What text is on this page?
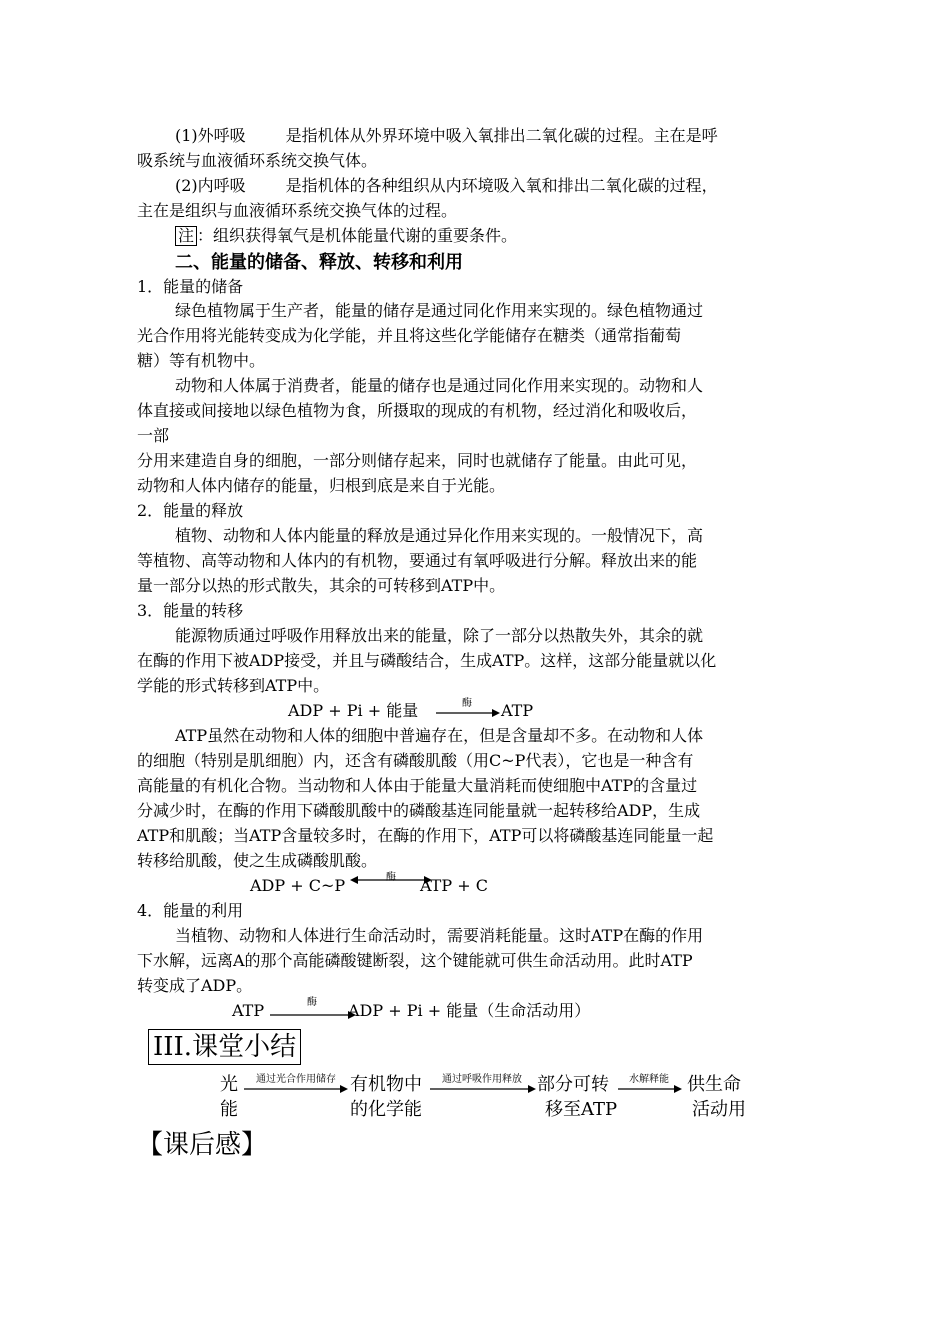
(1)外呼吸	是指机体从外界环境中吸入氧排出二氧化碳的过程。主在是呼
吸系统与血液循环系统交换气体。
(2)内呼吸	是指机体的各种组织从内环境吸入氧和排出二氧化碳的过程，
主在是组织与血液循环系统交换气体的过程。
注 ：组织获得氧气是机体能量代谢的重要条件。
二、能量的储备、释放、转移和利用
1．能量的储备
绿色植物属于生产者，能量的储存是通过同化作用来实现的。绿色植物通过
光合作用将光能转变成为化学能，并且将这些化学能储存在糖类（通常指葡萄
糖）等有机物中。
动物和人体属于消费者，能量的储存也是通过同化作用来实现的。动物和人
体直接或间接地以绿色植物为食，所摄取的现成的有机物，经过消化和吸收后，
一部
分用来建造自身的细胞，一部分则储存起来，同时也就储存了能量。由此可见，
动物和人体内储存的能量，归根到底是来自于光能。
2．能量的释放
植物、动物和人体内能量的释放是通过异化作用来实现的。一般情况下，高
等植物、高等动物和人体内的有机物，要通过有氧呼吸进行分解。释放出来的能
量一部分以热的形式散失，其余的可转移到ATP中。
3．能量的转移
能源物质通过呼吸作用释放出来的能量，除了一部分以热散失外，其余的就
在酶的作用下被ADP接受，并且与磷酸结合，生成ATP。这样，这部分能量就以化
学能的形式转移到ATP中。
ADP + Pi + 能量	酶	ATP
ATP虽然在动物和人体的细胞中普遍存在，但是含量却不多。在动物和人体
的细胞（特别是肌细胞）内，还含有磷酸肌酸（用C~P代表），它也是一种含有
高能量的有机化合物。当动物和人体由于能量大量消耗而使细胞中ATP的含量过
分减少时，在酶的作用下磷酸肌酸中的磷酸基连同能量就一起转移给ADP，生成
ATP和肌酸；当ATP含量较多时，在酶的作用下，ATP可以将磷酸基连同能量一起
转移给肌酸，使之生成磷酸肌酸。
ADP + C~P	酶	ATP + C
4．能量的利用
当植物、动物和人体进行生命活动时，需要消耗能量。这时ATP在酶的作用
下水解，远离A的那个高能磷酸键断裂，这个键能就可供生命活动用。此时ATP
转变成了ADP。
ATP	酶	ADP + Pi + 能量（生命活动用）
III.课堂小结
光
能
通过光合作用储存 有机物中
的化学能
通过呼吸作用释放 部分可转
移至ATP
水解释能	供生命
活动用
【课后感】
